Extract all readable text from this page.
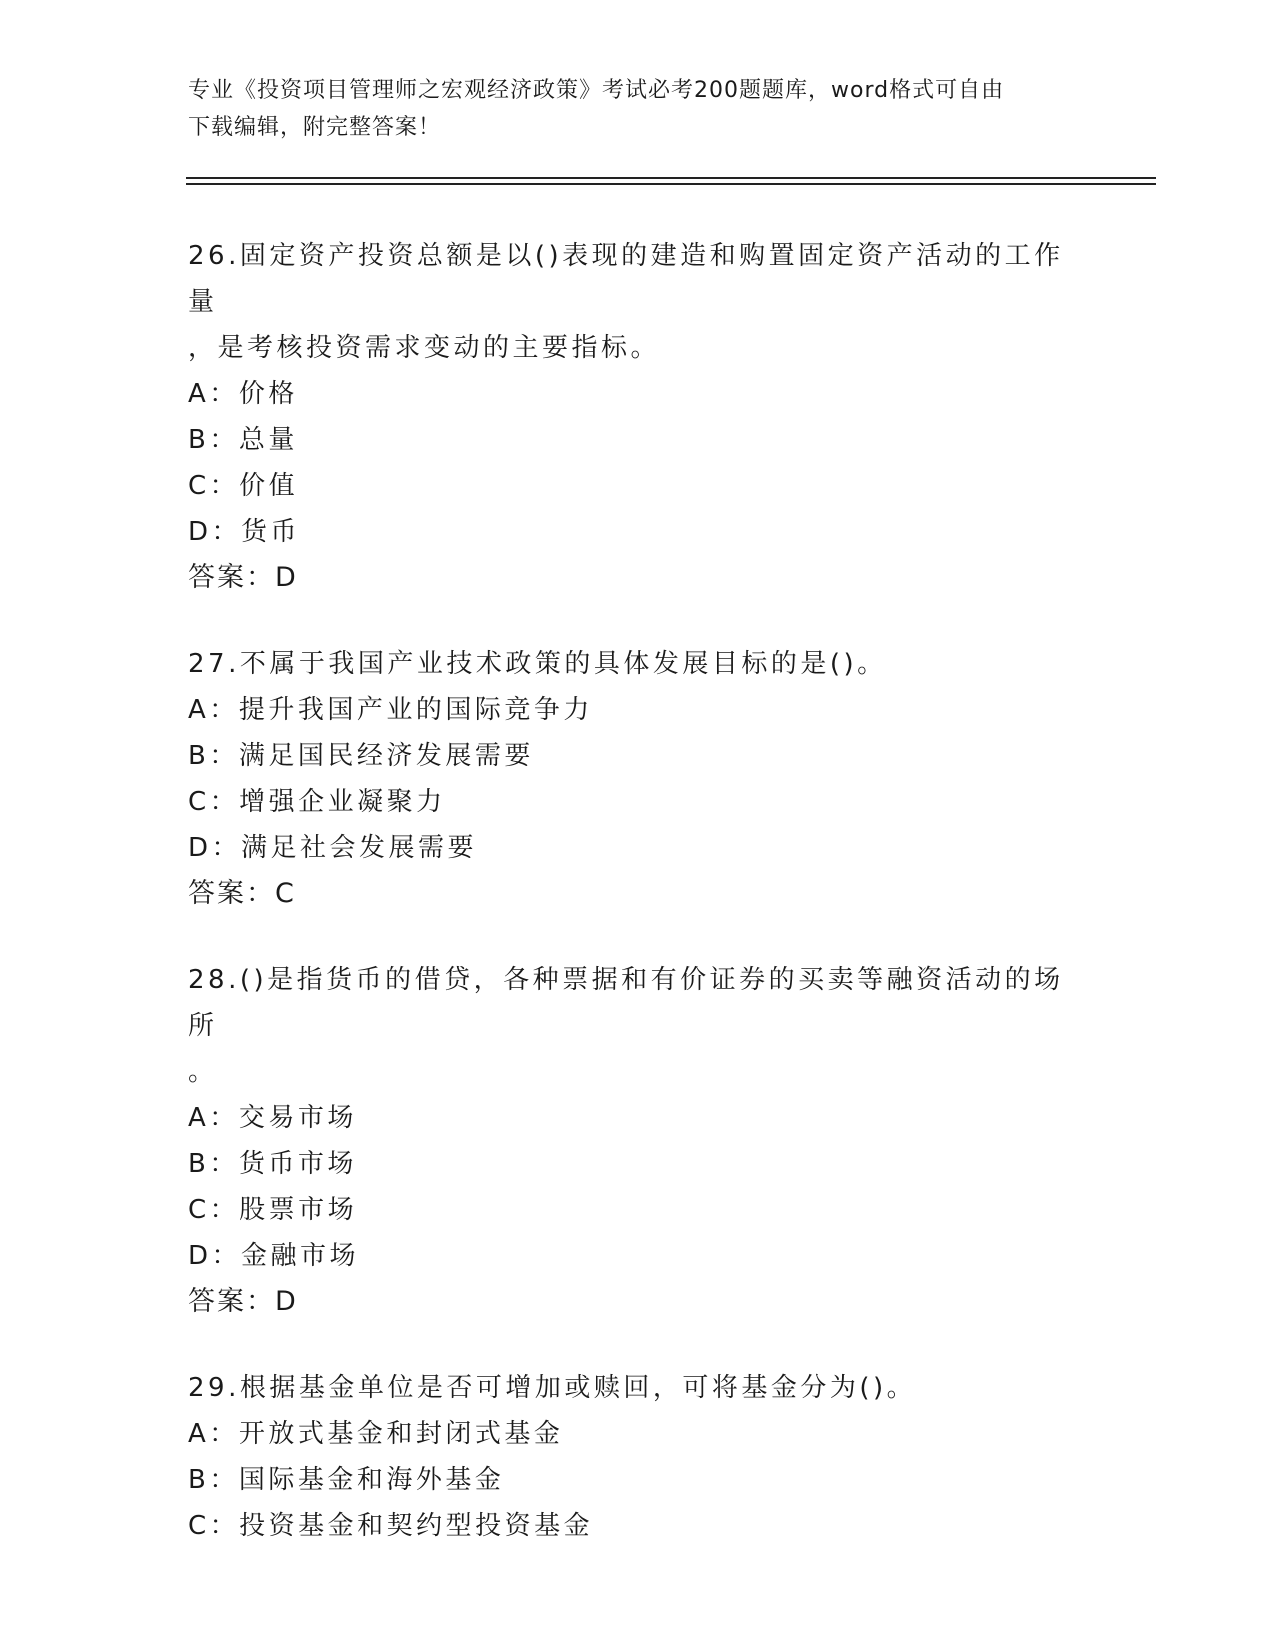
专业《投资项目管理师之宏观经济政策》考试必考200题题库，word格式可自由
下载编辑，附完整答案！

26.固定资产投资总额是以()表现的建造和购置固定资产活动的工作量

，是考核投资需求变动的主要指标。

A：价格

B：总量

C：价值

D：货币

答案：D

27.不属于我国产业技术政策的具体发展目标的是()。

A：提升我国产业的国际竞争力

B：满足国民经济发展需要

C：增强企业凝聚力

D：满足社会发展需要

答案：C

28.()是指货币的借贷，各种票据和有价证券的买卖等融资活动的场所

。

A：交易市场

B：货币市场

C：股票市场

D：金融市场

答案：D

29.根据基金单位是否可增加或赎回，可将基金分为()。

A：开放式基金和封闭式基金

B：国际基金和海外基金

C：投资基金和契约型投资基金
